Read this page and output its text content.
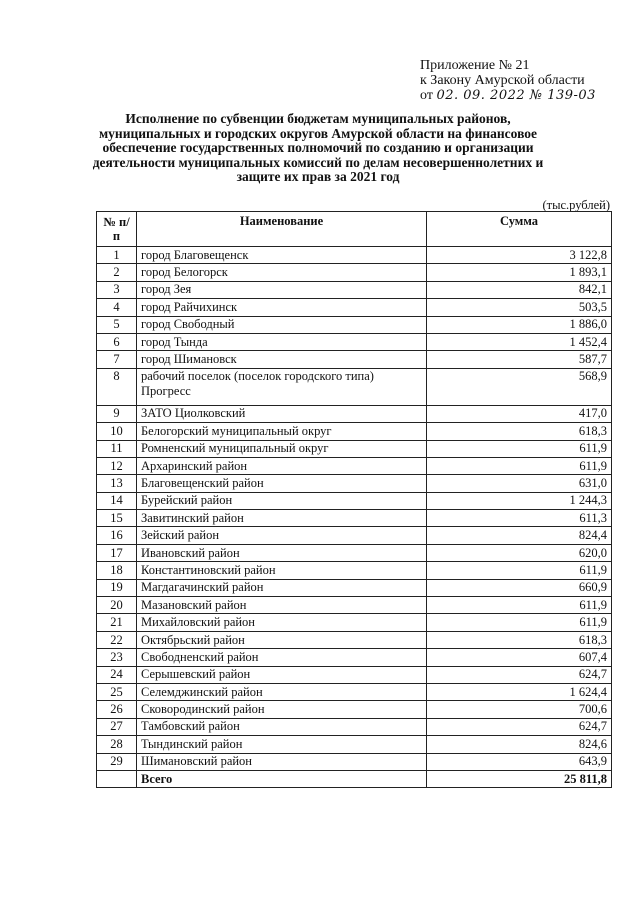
Приложение № 21
к Закону Амурской области
от 02. 09. 2022 № 139-03
Исполнение по субвенции бюджетам муниципальных районов, муниципальных и городских округов Амурской области на финансовое обеспечение государственных полномочий по созданию и организации деятельности муниципальных комиссий по делам несовершеннолетних и защите их прав за 2021 год
(тыс.рублей)
№ п/п	Наименование	Сумма
1	город Благовещенск	3 122,8
2	город Белогорск	1 893,1
3	город Зея	842,1
4	город Райчихинск	503,5
5	город Свободный	1 886,0
6	город Тында	1 452,4
7	город Шимановск	587,7
8	рабочий поселок (поселок городского типа) Прогресс	568,9
9	ЗАТО Циолковский	417,0
10	Белогорский муниципальный округ	618,3
11	Ромненский муниципальный округ	611,9
12	Архаринский район	611,9
13	Благовещенский район	631,0
14	Бурейский район	1 244,3
15	Завитинский район	611,3
16	Зейский район	824,4
17	Ивановский район	620,0
18	Константиновский район	611,9
19	Магдагачинский район	660,9
20	Мазановский район	611,9
21	Михайловский район	611,9
22	Октябрьский район	618,3
23	Свободненский район	607,4
24	Серышевский район	624,7
25	Селемджинский район	1 624,4
26	Сковородинский район	700,6
27	Тамбовский район	624,7
28	Тындинский район	824,6
29	Шимановский район	643,9
	Всего	25 811,8
